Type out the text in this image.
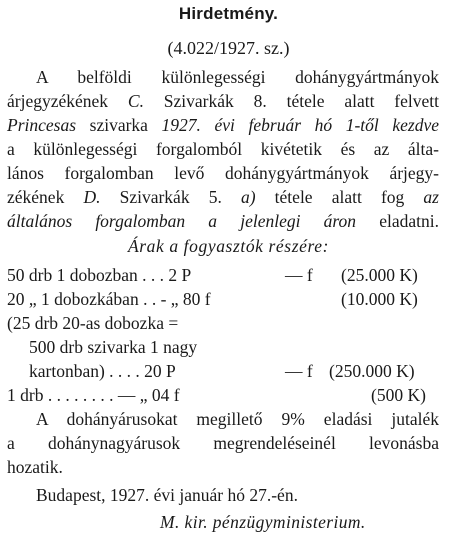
Hirdetmény.
(4.022/1927. sz.)
A belföldi különlegességi dohánygyártmányok
árjegyzékének C. Szivarkák 8. tétele alatt felvett
Princesas szivarka 1927. évi február hó 1-től kezdve
a különlegességi forgalomból kivétetik és az álta-
lános forgalomban levő dohánygyártmányok árjegy-
zékének D. Szivarkák 5. a) tétele alatt fog az
általános forgalomban a jelenlegi áron eladatni.
Árak a fogyasztók részére:
50 drb 1 dobozban . . . 2 P	— f (25.000 K)
20 „ 1 dobozkában . . - „ 80 f	(10.000 K)
(25 drb 20-as dobozka =
500 drb szivarka 1 nagy
kartonban) . . . . 20 P	— f (250.000 K)
1 drb . . . . . . . . — „ 04 f	(500 K)
A dohányárusokat megillető 9% eladási jutalék
a dohánynagyárusok megrendeléseinél levonásba
hozatik.
Budapest, 1927. évi január hó 27.-én.
M. kir. pénzügyministerium.
